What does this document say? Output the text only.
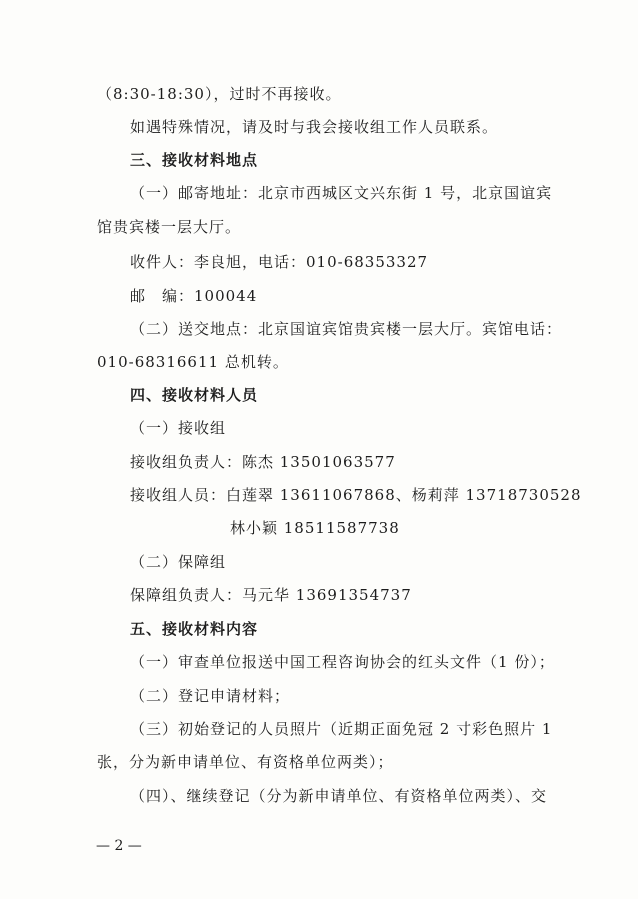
（8:30-18:30），过时不再接收。
如遇特殊情况，请及时与我会接收组工作人员联系。
三、接收材料地点
（一）邮寄地址：北京市西城区文兴东街 1 号，北京国谊宾
馆贵宾楼一层大厅。
收件人：李良旭，电话：010-68353327
邮　编：100044
（二）送交地点：北京国谊宾馆贵宾楼一层大厅。宾馆电话：
010-68316611 总机转。
四、接收材料人员
（一）接收组
接收组负责人：陈杰 13501063577
接收组人员：白莲翠 13611067868、杨莉萍 13718730528
林小颖 18511587738
（二）保障组
保障组负责人：马元华 13691354737
五、接收材料内容
（一）审查单位报送中国工程咨询协会的红头文件（1 份）；
（二）登记申请材料；
（三）初始登记的人员照片（近期正面免冠 2 寸彩色照片 1
张，分为新申请单位、有资格单位两类）；
（四）、继续登记（分为新申请单位、有资格单位两类）、交
— 2 —
